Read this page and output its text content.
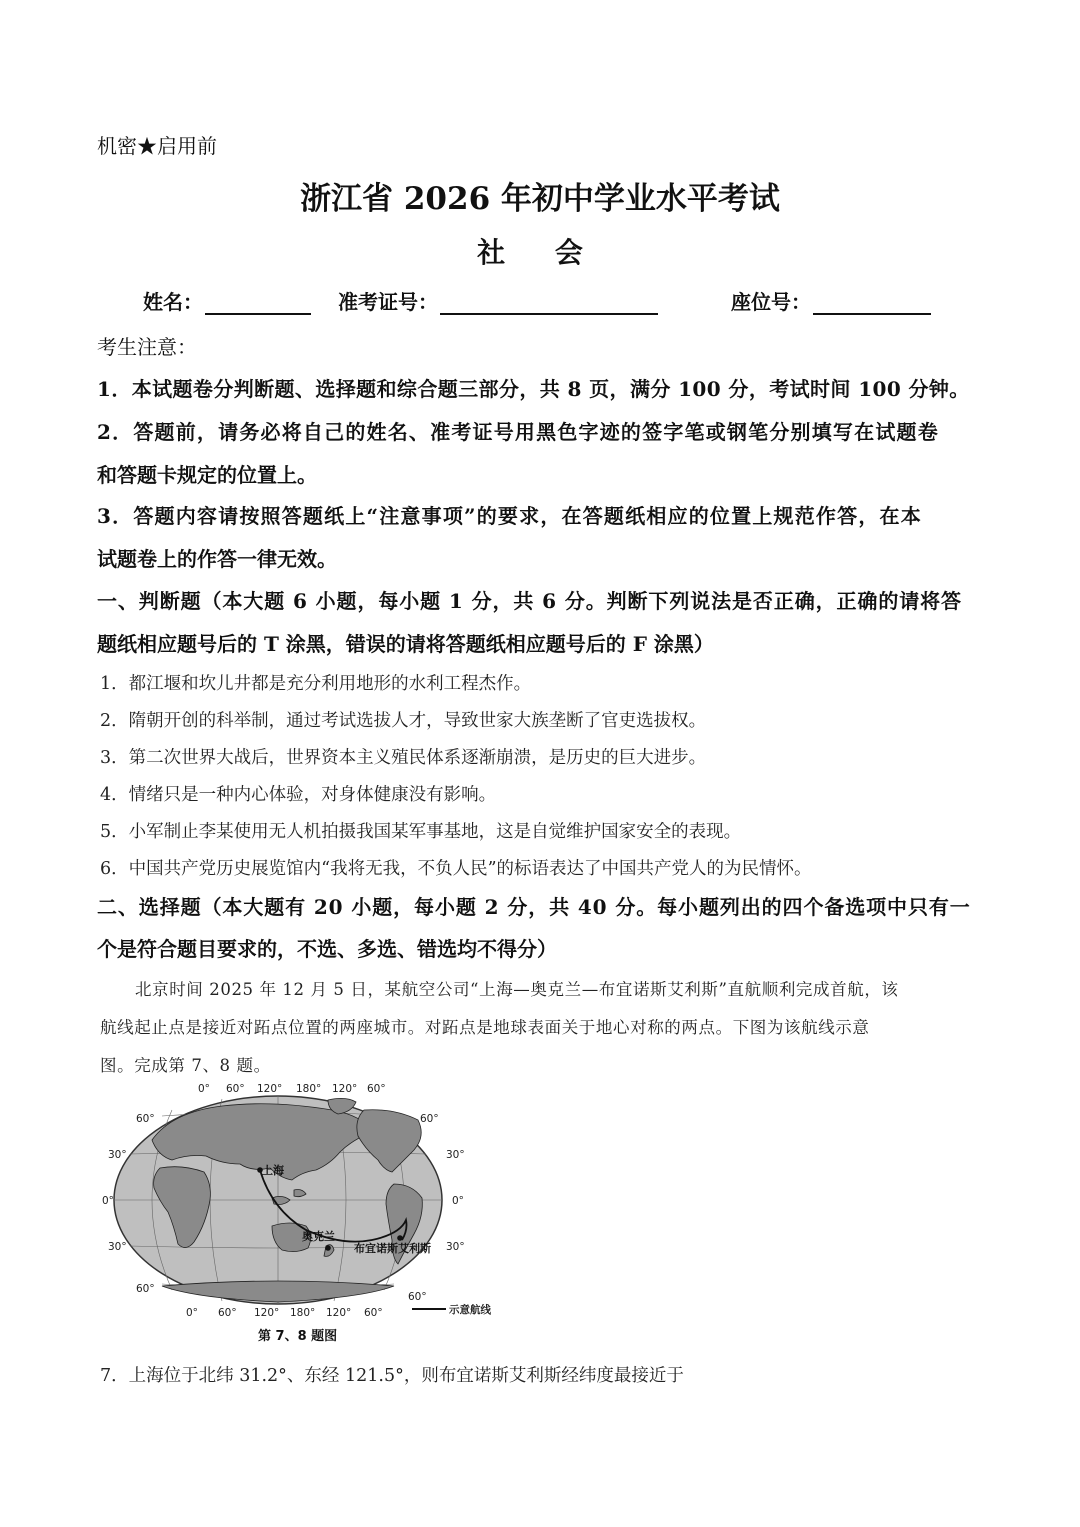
机密★启用前
浙江省 2026 年初中学业水平考试
社 会
姓名：	准考证号：	座位号：
考生注意：
1．本试题卷分判断题、选择题和综合题三部分，共 8 页，满分 100 分，考试时间 100 分钟。
2．答题前，请务必将自己的姓名、准考证号用黑色字迹的签字笔或钢笔分别填写在试题卷
和答题卡规定的位置上。
3．答题内容请按照答题纸上“注意事项”的要求，在答题纸相应的位置上规范作答，在本
试题卷上的作答一律无效。
一、判断题（本大题 6 小题，每小题 1 分，共 6 分。判断下列说法是否正确，正确的请将答
题纸相应题号后的 T 涂黑，错误的请将答题纸相应题号后的 F 涂黑）
1．都江堰和坎儿井都是充分利用地形的水利工程杰作。
2．隋朝开创的科举制，通过考试选拔人才，导致世家大族垄断了官吏选拔权。
3．第二次世界大战后，世界资本主义殖民体系逐渐崩溃，是历史的巨大进步。
4．情绪只是一种内心体验，对身体健康没有影响。
5．小军制止李某使用无人机拍摄我国某军事基地，这是自觉维护国家安全的表现。
6．中国共产党历史展览馆内“我将无我，不负人民”的标语表达了中国共产党人的为民情怀。
二、选择题（本大题有 20 小题，每小题 2 分，共 40 分。每小题列出的四个备选项中只有一
个是符合题目要求的，不选、多选、错选均不得分）
北京时间 2025 年 12 月 5 日，某航空公司“上海—奥克兰—布宜诺斯艾利斯”直航顺利完成首航，该
航线起止点是接近对跖点位置的两座城市。对跖点是地球表面关于地心对称的两点。下图为该航线示意
图。完成第 7、8 题。
0° 60° 120° 180° 120° 60°
60°
30°
0°
30°
60°
60°
30°
0°
30°
60°
上海
奥克兰
布宜诺斯艾利斯
0° 60° 120° 180° 120° 60°	示意航线
第 7、8 题图
7．上海位于北纬 31.2°、东经 121.5°，则布宜诺斯艾利斯经纬度最接近于
